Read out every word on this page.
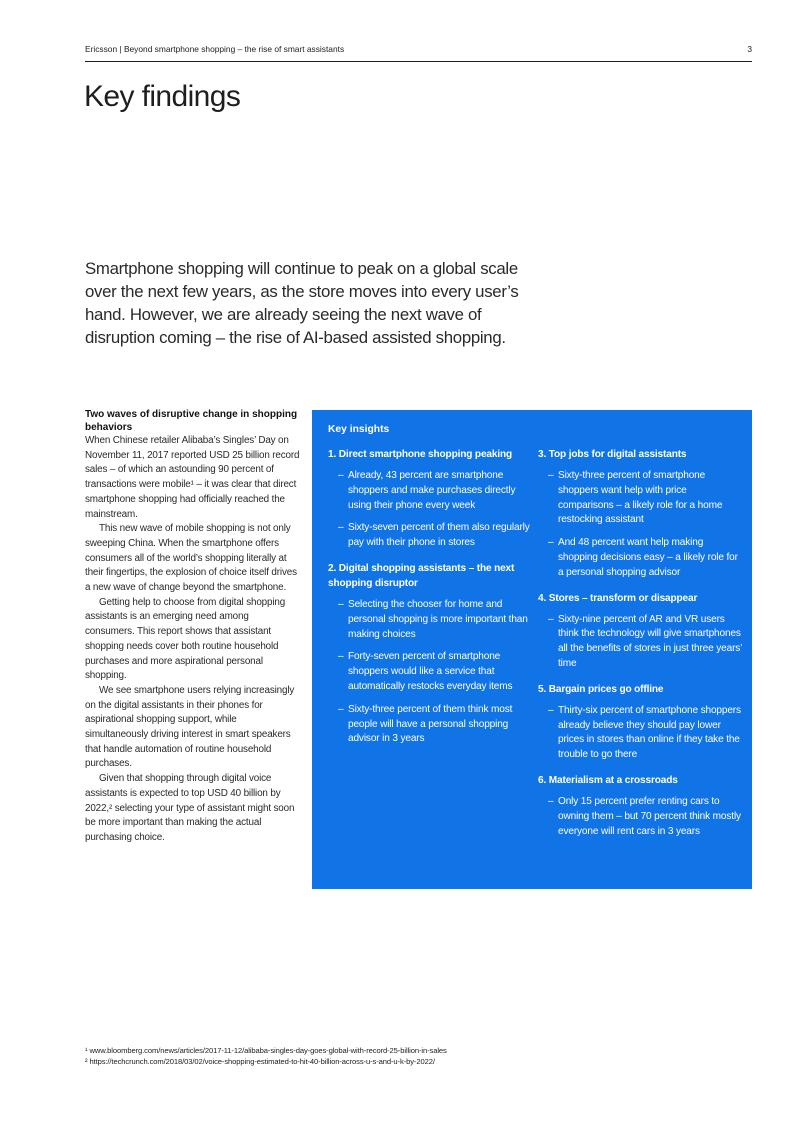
Ericsson | Beyond smartphone shopping – the rise of smart assistants	3
Key findings

Smartphone shopping will continue to peak on a global scale over the next few years, as the store moves into every user’s hand. However, we are already seeing the next wave of disruption coming – the rise of AI-based assisted shopping.

Two waves of disruptive change in shopping behaviors

When Chinese retailer Alibaba’s Singles’ Day on November 11, 2017 reported USD 25 billion record sales – of which an astounding 90 percent of transactions were mobile¹ – it was clear that direct smartphone shopping had officially reached the mainstream.

This new wave of mobile shopping is not only sweeping China. When the smartphone offers consumers all of the world’s shopping literally at their fingertips, the explosion of choice itself drives a new wave of change beyond the smartphone.

Getting help to choose from digital shopping assistants is an emerging need among consumers. This report shows that assistant shopping needs cover both routine household purchases and more aspirational personal shopping.

We see smartphone users relying increasingly on the digital assistants in their phones for aspirational shopping support, while simultaneously driving interest in smart speakers that handle automation of routine household purchases.

Given that shopping through digital voice assistants is expected to top USD 40 billion by 2022,² selecting your type of assistant might soon be more important than making the actual purchasing choice.

Key insights
1. Direct smartphone shopping peaking
– Already, 43 percent are smartphone shoppers and make purchases directly using their phone every week
– Sixty-seven percent of them also regularly pay with their phone in stores
2. Digital shopping assistants – the next shopping disruptor
– Selecting the chooser for home and personal shopping is more important than making choices
– Forty-seven percent of smartphone shoppers would like a service that automatically restocks everyday items
– Sixty-three percent of them think most people will have a personal shopping advisor in 3 years
3. Top jobs for digital assistants
– Sixty-three percent of smartphone shoppers want help with price comparisons – a likely role for a home restocking assistant
– And 48 percent want help making shopping decisions easy – a likely role for a personal shopping advisor
4. Stores – transform or disappear
– Sixty-nine percent of AR and VR users think the technology will give smartphones all the benefits of stores in just three years’ time
5. Bargain prices go offline
– Thirty-six percent of smartphone shoppers already believe they should pay lower prices in stores than online if they take the trouble to go there
6. Materialism at a crossroads
– Only 15 percent prefer renting cars to owning them – but 70 percent think mostly everyone will rent cars in 3 years
¹ www.bloomberg.com/news/articles/2017-11-12/alibaba-singles-day-goes-global-with-record-25-billion-in-sales
² https://techcrunch.com/2018/03/02/voice-shopping-estimated-to-hit-40-billion-across-u-s-and-u-k-by-2022/
